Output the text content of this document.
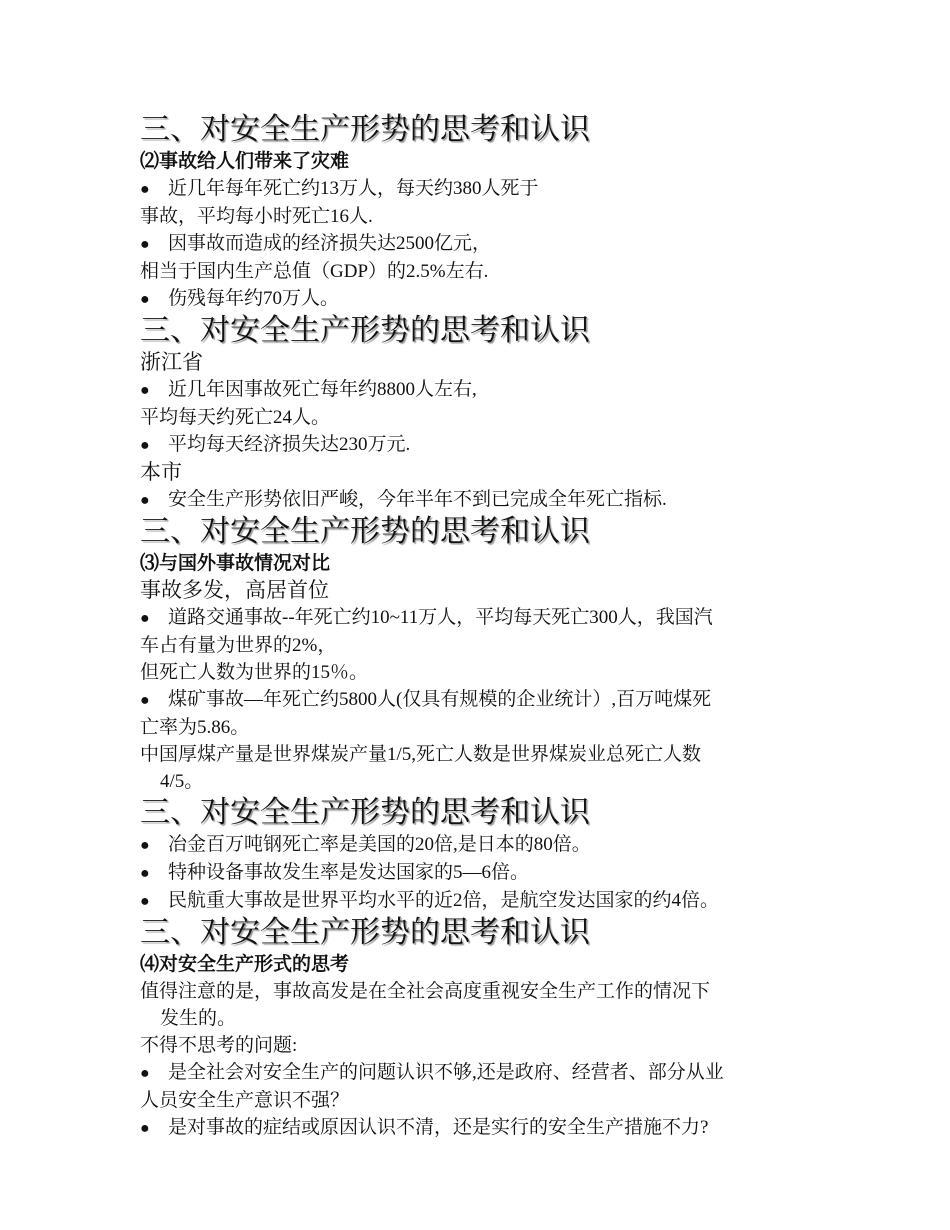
三、对安全生产形势的思考和认识
⑵事故给人们带来了灾难
● 近几年每年死亡约13万人，每天约380人死于
事故，平均每小时死亡16人.
● 因事故而造成的经济损失达2500亿元，
相当于国内生产总值（GDP）的2.5%左右.
● 伤残每年约70万人。
三、对安全生产形势的思考和认识
浙江省
● 近几年因事故死亡每年约8800人左右,
平均每天约死亡24人。
● 平均每天经济损失达230万元.
本市
● 安全生产形势依旧严峻，今年半年不到已完成全年死亡指标.
三、对安全生产形势的思考和认识
⑶与国外事故情况对比
事故多发，高居首位
● 道路交通事故--年死亡约10~11万人，平均每天死亡300人，我国汽
车占有量为世界的2%，
但死亡人数为世界的15％。
● 煤矿事故—年死亡约5800人(仅具有规模的企业统计）,百万吨煤死
亡率为5.86。
中国厚煤产量是世界煤炭产量1/5,死亡人数是世界煤炭业总死亡人数
4/5。
三、对安全生产形势的思考和认识
● 冶金百万吨钢死亡率是美国的20倍,是日本的80倍。
● 特种设备事故发生率是发达国家的5—6倍。
● 民航重大事故是世界平均水平的近2倍，是航空发达国家的约4倍。
三、对安全生产形势的思考和认识
⑷对安全生产形式的思考
值得注意的是，事故高发是在全社会高度重视安全生产工作的情况下
发生的。
不得不思考的问题:
● 是全社会对安全生产的问题认识不够,还是政府、经营者、部分从业
人员安全生产意识不强？
● 是对事故的症结或原因认识不清，还是实行的安全生产措施不力?
